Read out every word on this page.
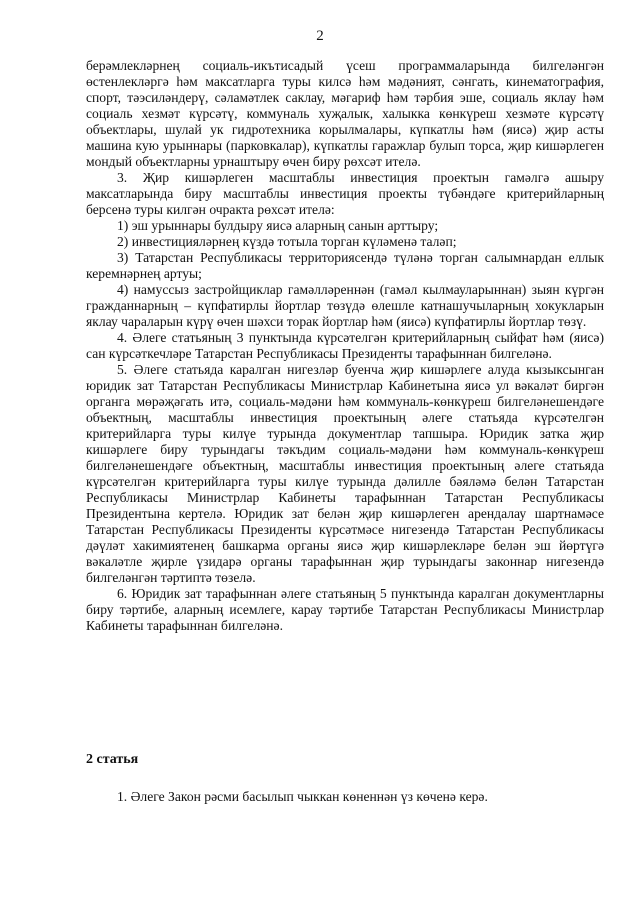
2

берәмлекләрнең социаль-икътисадый үсеш программаларында билгеләнгән өстенлекләргә һәм максатларга туры килсә һәм мәдәният, сәнгать, кинематография, спорт, тәэсиләндерү, сәламәтлек саклау, мәгариф һәм тәрбия эше, социаль яклау һәм социаль хезмәт күрсәтү, коммуналь хуҗалык, халыкка көнкүреш хезмәте күрсәтү объектлары, шулай ук гидротехника корылмалары, күпкатлы һәм (яисә) җир асты машина кую урыннары (парковкалар), күпкатлы гаражлар булып торса, җир кишәрлеген мондый объектларны урнаштыру өчен биру рөхсәт ителә.

3. Җир кишәрлеген масштаблы инвестиция проектын гамәлгә ашыру максатларында биру масштаблы инвестиция проекты түбәндәге критерийларның берсенә туры килгән очракта рөхсәт ителә:

1) эш урыннары булдыру яисә аларның санын арттыру;

2) инвестицияләрнең күздә тотыла торган күләменә таләп;

3) Татарстан Республикасы территориясендә түләнә торган салымнардан еллык керемнәрнең артуы;

4) намуссыз застройщиклар гамәлләреннән (гамәл кылмауларыннан) зыян күргән гражданнарның – күпфатирлы йортлар төзүдә өлешле катнашучыларның хокукларын яклау чараларын күрү өчен шәхси торак йортлар һәм (яисә) күпфатирлы йортлар төзү.

4. Әлеге статьяның 3 пунктында күрсәтелгән критерийларның сыйфат һәм (яисә) сан күрсәткечләре Татарстан Республикасы Президенты тарафыннан билгеләнә.

5. Әлеге статьяда каралган нигезләр буенча җир кишәрлеге алуда кызыксынган юридик зат Татарстан Республикасы Министрлар Кабинетына яисә ул вәкаләт биргән органга мөрәҗәгать итә, социаль-мәдәни һәм коммуналь-көнкүреш билгеләнешендәге объектның, масштаблы инвестиция проектының әлеге статьяда күрсәтелгән критерийларга туры килүе турында документлар тапшыра. Юридик затка җир кишәрлеге биру турындагы тәкъдим социаль-мәдәни һәм коммуналь-көнкүреш билгеләнешендәге объектның, масштаблы инвестиция проектының әлеге статьяда күрсәтелгән критерийларга туры килүе турында дәлилле бәяләмә белән Татарстан Республикасы Министрлар Кабинеты тарафыннан Татарстан Республикасы Президентына кертелә. Юридик зат белән җир кишәрлеген арендалау шартнамәсе Татарстан Республикасы Президенты күрсәтмәсе нигезендә Татарстан Республикасы дәүләт хакимиятенең башкарма органы яисә җир кишәрлекләре белән эш йөртүгә вәкаләтле җирле үзидарә органы тарафыннан җир турындагы законнар нигезендә билгеләнгән тәртиптә төзелә.

6. Юридик зат тарафыннан әлеге статьяның 5 пунктында каралган документларны биру тәртибе, аларның исемлеге, карау тәртибе Татарстан Республикасы Министрлар Кабинеты тарафыннан билгеләнә.

2 статья
1. Әлеге Закон рәсми басылып чыккан көненнән үз көченә керә.
